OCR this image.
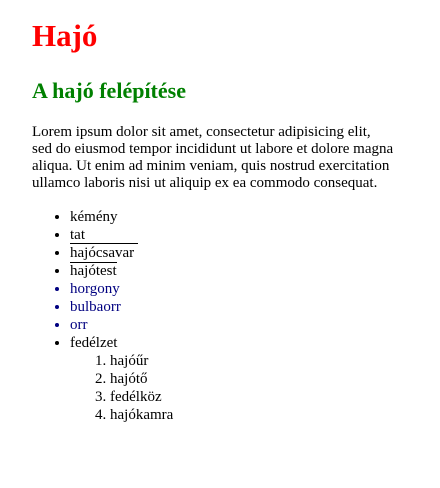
Hajó
A hajó felépítése

Lorem ipsum dolor sit amet, consectetur adipisicing elit, sed do eiusmod tempor incididunt ut labore et dolore magna aliqua. Ut enim ad minim veniam, quis nostrud exercitation ullamco laboris nisi ut aliquip ex ea commodo consequat.

• kémény
• tat
• hajócsavar
• hajótest
• horgony
• bulbaorr
• orr
• fedélzet
1. hajóűr
2. hajótő
3. fedélköz
4. hajókamra
